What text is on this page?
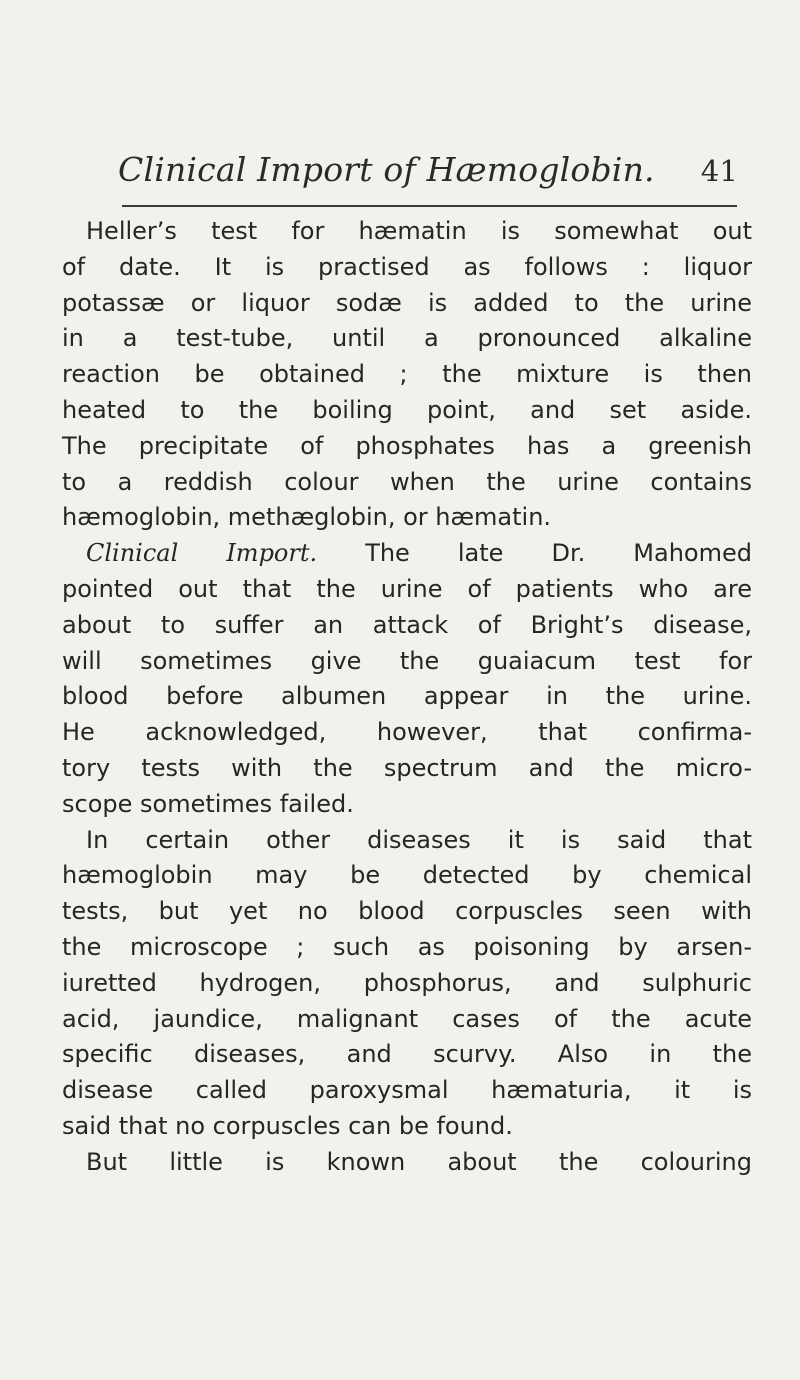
Clinical Import of Hæmoglobin. 41
Heller’s test for hæmatin is somewhat out
of date. It is practised as follows : liquor
potassæ or liquor sodæ is added to the urine
in a test-tube, until a pronounced alkaline
reaction be obtained ; the mixture is then
heated to the boiling point, and set aside.
The precipitate of phosphates has a greenish
to a reddish colour when the urine contains
hæmoglobin, methæglobin, or hæmatin.
Clinical Import. The late Dr. Mahomed
pointed out that the urine of patients who are
about to suffer an attack of Bright’s disease,
will sometimes give the guaiacum test for
blood before albumen appear in the urine.
He acknowledged, however, that confirma-
tory tests with the spectrum and the micro-
scope sometimes failed.
In certain other diseases it is said that
hæmoglobin may be detected by chemical
tests, but yet no blood corpuscles seen with
the microscope ; such as poisoning by arsen-
iuretted hydrogen, phosphorus, and sulphuric
acid, jaundice, malignant cases of the acute
specific diseases, and scurvy. Also in the
disease called paroxysmal hæmaturia, it is
said that no corpuscles can be found.
But little is known about the colouring
